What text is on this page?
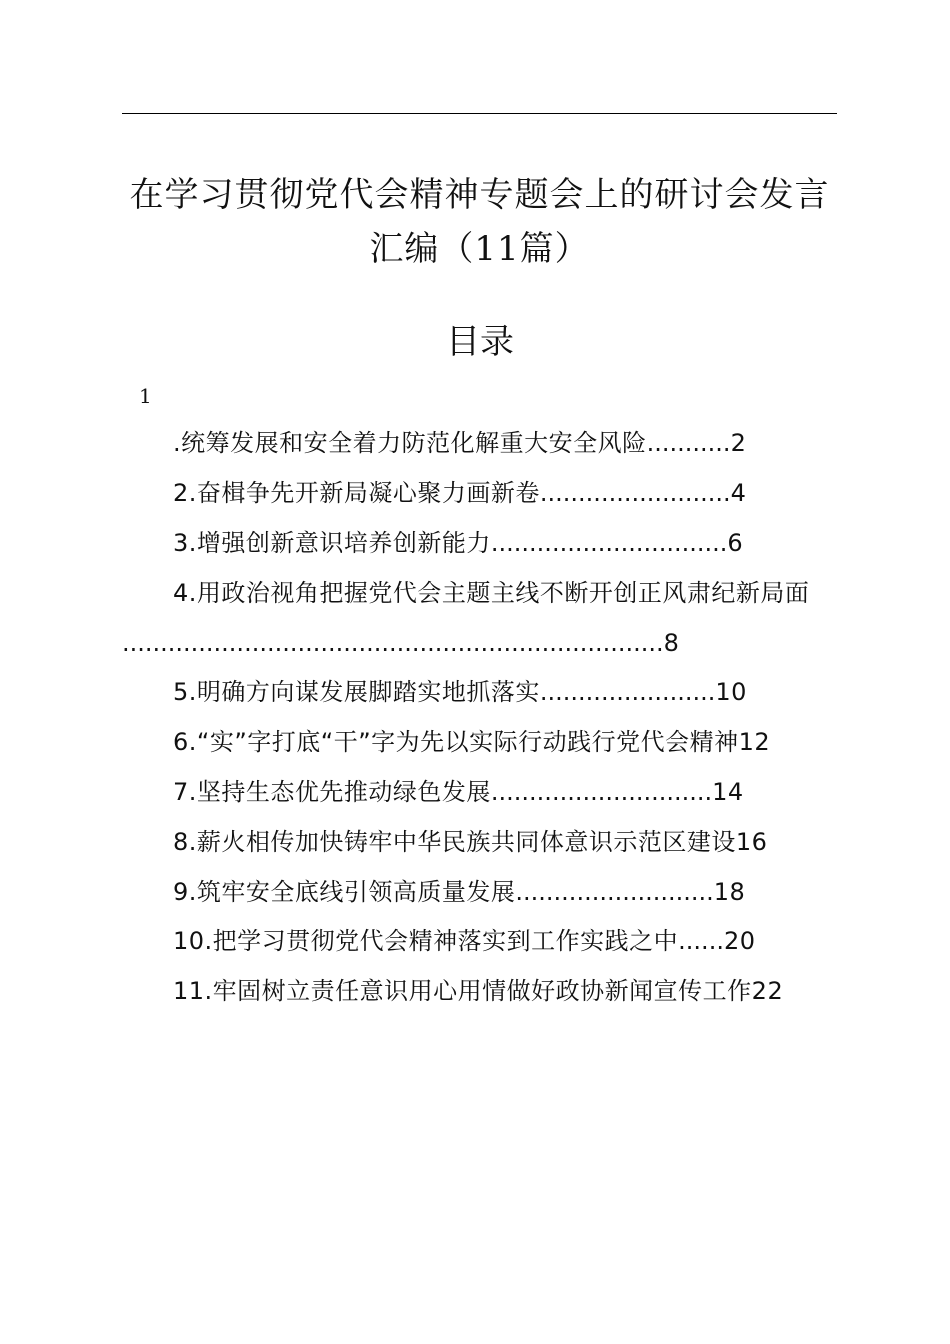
在学习贯彻党代会精神专题会上的研讨会发言
汇编（11篇）
目录
1
.统筹发展和安全着力防范化解重大安全风险...........2
2.奋楫争先开新局凝心聚力画新卷.........................4
3.增强创新意识培养创新能力...............................6
4.用政治视角把握党代会主题主线不断开创正风肃纪新局面
.......................................................................8
5.明确方向谋发展脚踏实地抓落实.......................10
6.“实”字打底“干”字为先以实际行动践行党代会精神12
7.坚持生态优先推动绿色发展.............................14
8.薪火相传加快铸牢中华民族共同体意识示范区建设16
9.筑牢安全底线引领高质量发展..........................18
10.把学习贯彻党代会精神落实到工作实践之中......20
11.牢固树立责任意识用心用情做好政协新闻宣传工作22
